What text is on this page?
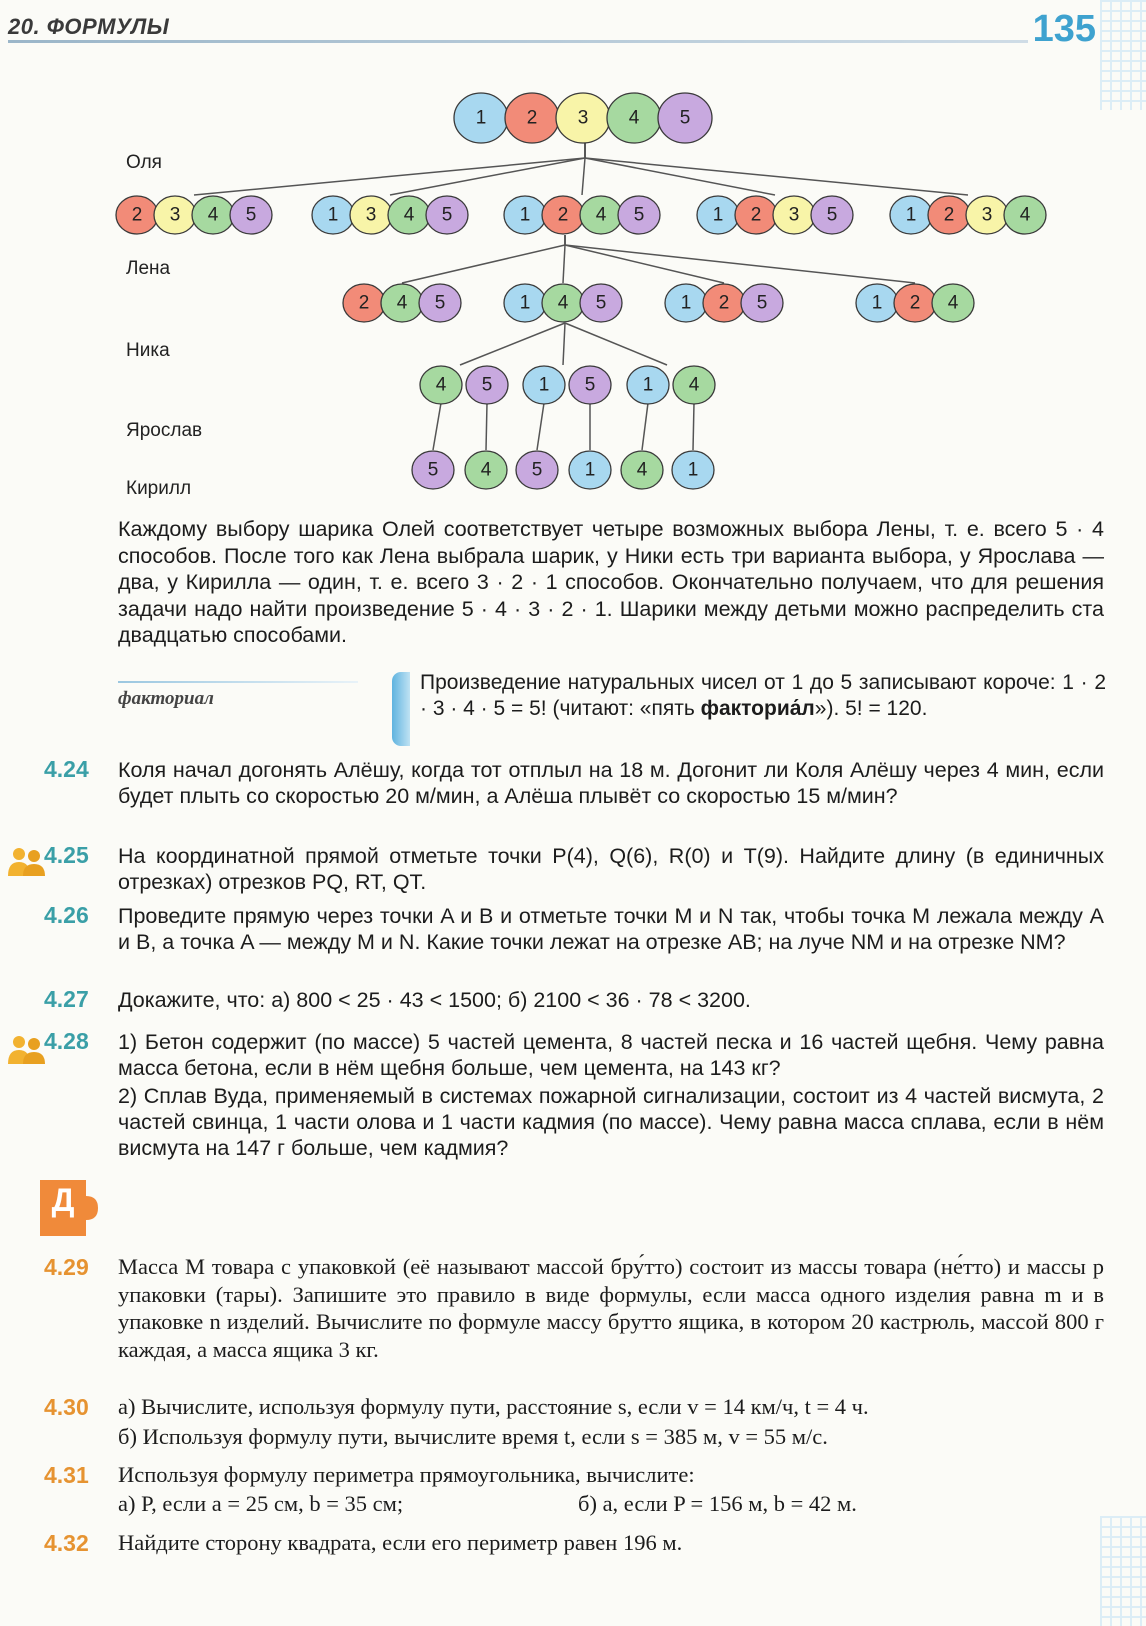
20. ФОРМУЛЫ	135
Оля
Лена
Ника
Ярослав
Кирилл
1 2 3 4 5
2 3 4 5	1 3 4 5	1 2 4 5	1 2 3 5	1 2 3 4
2 4 5	1 4 5	1 2 5	1 2 4
4 5 1 5 1 4
5 4 5 1 4 1
Каждому выбору шарика Олей соответствует четыре возможных выбора Лены, т. е. всего 5 · 4 способов. После того как Лена выбрала шарик, у Ники есть три варианта выбора, у Ярослава — два, у Кирилла — один, т. е. всего 3 · 2 · 1 способов. Окончательно получаем, что для решения задачи надо найти произведение 5 · 4 · 3 · 2 · 1. Шарики между детьми можно распределить ста двадцатью способами.
факториал
Произведение натуральных чисел от 1 до 5 записывают короче: 1 · 2 · 3 · 4 · 5 = 5! (читают: «пять факториа́л»). 5! = 120.
4.24 Коля начал догонять Алёшу, когда тот отплыл на 18 м. Догонит ли Коля Алёшу через 4 мин, если будет плыть со скоростью 20 м/мин, а Алёша плывёт со скоростью 15 м/мин?
4.25 На координатной прямой отметьте точки P(4), Q(6), R(0) и T(9). Найдите длину (в единичных отрезках) отрезков PQ, RT, QT.
4.26 Проведите прямую через точки A и B и отметьте точки M и N так, чтобы точка M лежала между A и B, а точка A — между M и N. Какие точки лежат на отрезке AB; на луче NM и на отрезке NM?
4.27 Докажите, что: а) 800 < 25 · 43 < 1500; б) 2100 < 36 · 78 < 3200.
4.28 1) Бетон содержит (по массе) 5 частей цемента, 8 частей песка и 16 частей щебня. Чему равна масса бетона, если в нём щебня больше, чем цемента, на 143 кг?
2) Сплав Вуда, применяемый в системах пожарной сигнализации, состоит из 4 частей висмута, 2 частей свинца, 1 части олова и 1 части кадмия (по массе). Чему равна масса сплава, если в нём висмута на 147 г больше, чем кадмия?
Д
4.29 Масса M товара с упаковкой (её называют массой бру́тто) состоит из массы товара (не́тто) и массы p упаковки (тары). Запишите это правило в виде формулы, если масса одного изделия равна m и в упаковке n изделий. Вычислите по формуле массу брутто ящика, в котором 20 кастрюль, массой 800 г каждая, а масса ящика 3 кг.
4.30 а) Вычислите, используя формулу пути, расстояние s, если v = 14 км/ч, t = 4 ч.
б) Используя формулу пути, вычислите время t, если s = 385 м, v = 55 м/с.
4.31 Используя формулу периметра прямоугольника, вычислите:
а) P, если a = 25 см, b = 35 см;	б) a, если P = 156 м, b = 42 м.
4.32 Найдите сторону квадрата, если его периметр равен 196 м.
